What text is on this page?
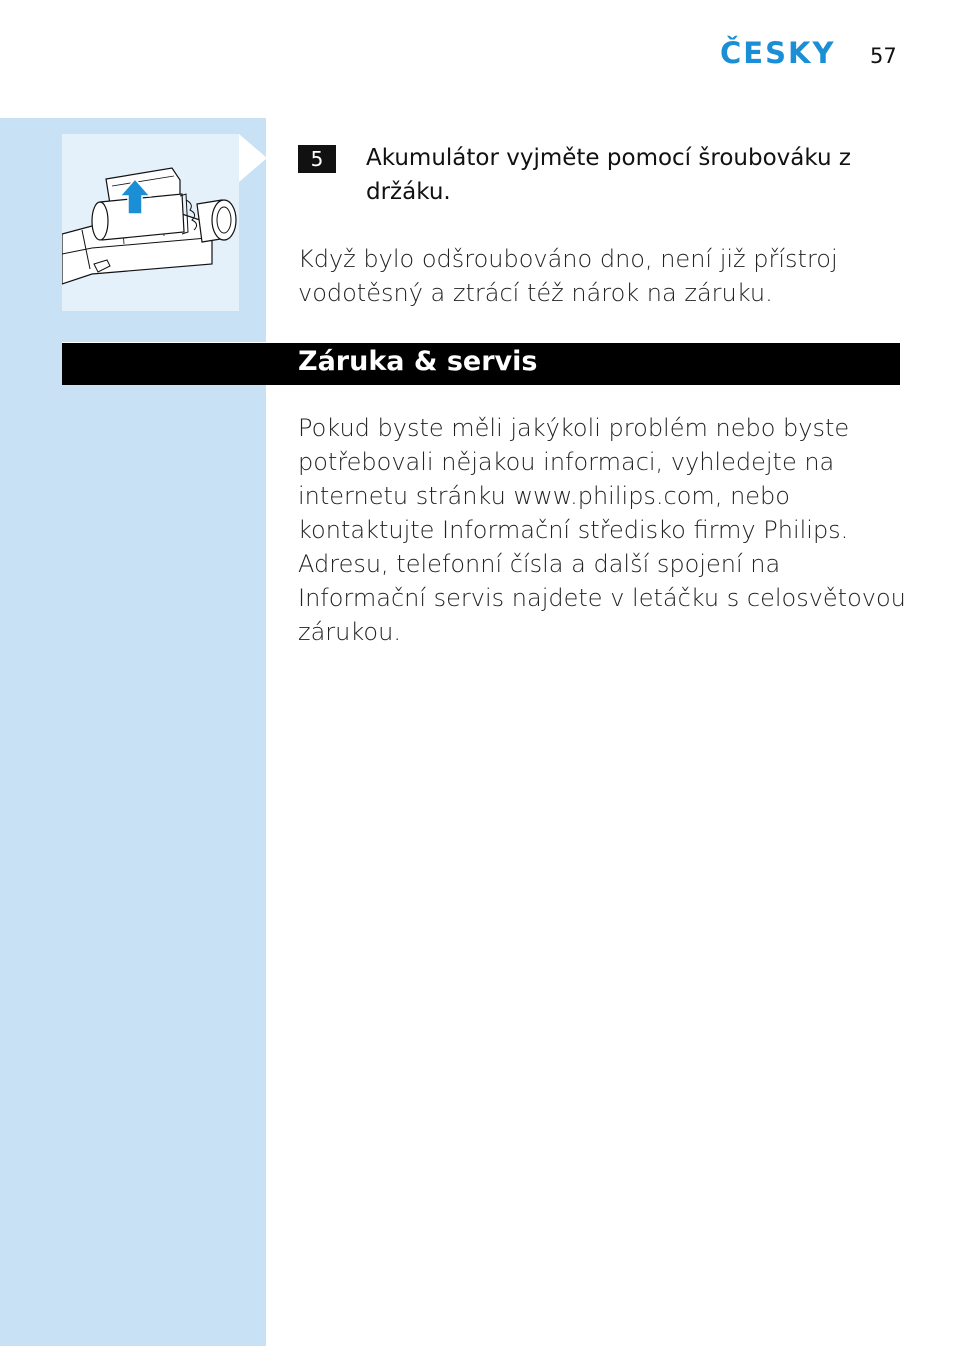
ČESKY 57
5	Akumulátor vyjměte pomocí šroubováku z držáku.
Když bylo odšroubováno dno, není již přístroj vodotěsný a ztrácí též nárok na záruku.
Záruka & servis
Pokud byste měli jakýkoli problém nebo byste potřebovali nějakou informaci, vyhledejte na internetu stránku www.philips.com, nebo kontaktujte Informační středisko firmy Philips. Adresu, telefonní čísla a další spojení na Informační servis najdete v letáčku s celosvětovou zárukou.
